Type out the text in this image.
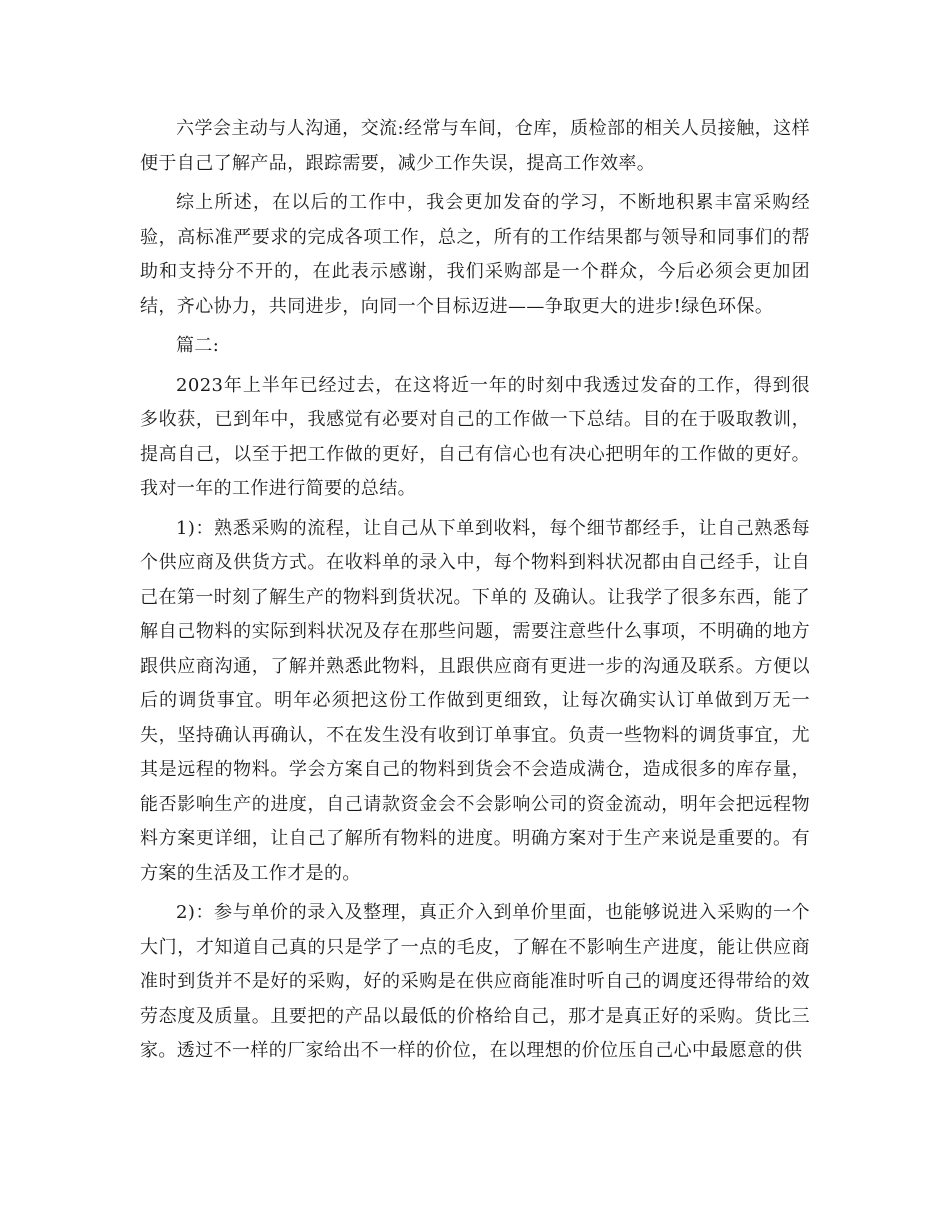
六学会主动与人沟通，交流:经常与车间，仓库，质检部的相关人员接触，这样便于自己了解产品，跟踪需要，减少工作失误，提高工作效率。

综上所述，在以后的工作中，我会更加发奋的学习，不断地积累丰富采购经验，高标准严要求的完成各项工作，总之，所有的工作结果都与领导和同事们的帮助和支持分不开的，在此表示感谢，我们采购部是一个群众，今后必须会更加团结，齐心协力，共同进步，向同一个目标迈进——争取更大的进步!绿色环保。

篇二:

2023年上半年已经过去，在这将近一年的时刻中我透过发奋的工作，得到很多收获，已到年中，我感觉有必要对自己的工作做一下总结。目的在于吸取教训，提高自己，以至于把工作做的更好，自己有信心也有决心把明年的工作做的更好。我对一年的工作进行简要的总结。

1)：熟悉采购的流程，让自己从下单到收料，每个细节都经手，让自己熟悉每个供应商及供货方式。在收料单的录入中，每个物料到料状况都由自己经手，让自己在第一时刻了解生产的物料到货状况。下单的 及确认。让我学了很多东西，能了解自己物料的实际到料状况及存在那些问题，需要注意些什么事项，不明确的地方跟供应商沟通，了解并熟悉此物料，且跟供应商有更进一步的沟通及联系。方便以后的调货事宜。明年必须把这份工作做到更细致，让每次确实认订单做到万无一失，坚持确认再确认，不在发生没有收到订单事宜。负责一些物料的调货事宜，尤其是远程的物料。学会方案自己的物料到货会不会造成满仓，造成很多的库存量，能否影响生产的进度，自己请款资金会不会影响公司的资金流动，明年会把远程物料方案更详细，让自己了解所有物料的进度。明确方案对于生产来说是重要的。有方案的生活及工作才是的。

2)：参与单价的录入及整理，真正介入到单价里面，也能够说进入采购的一个大门，才知道自己真的只是学了一点的毛皮，了解在不影响生产进度，能让供应商准时到货并不是好的采购，好的采购是在供应商能准时听自己的调度还得带给的效劳态度及质量。且要把的产品以最低的价格给自己，那才是真正好的采购。货比三家。透过不一样的厂家给出不一样的价位，在以理想的价位压自己心中最愿意的供
